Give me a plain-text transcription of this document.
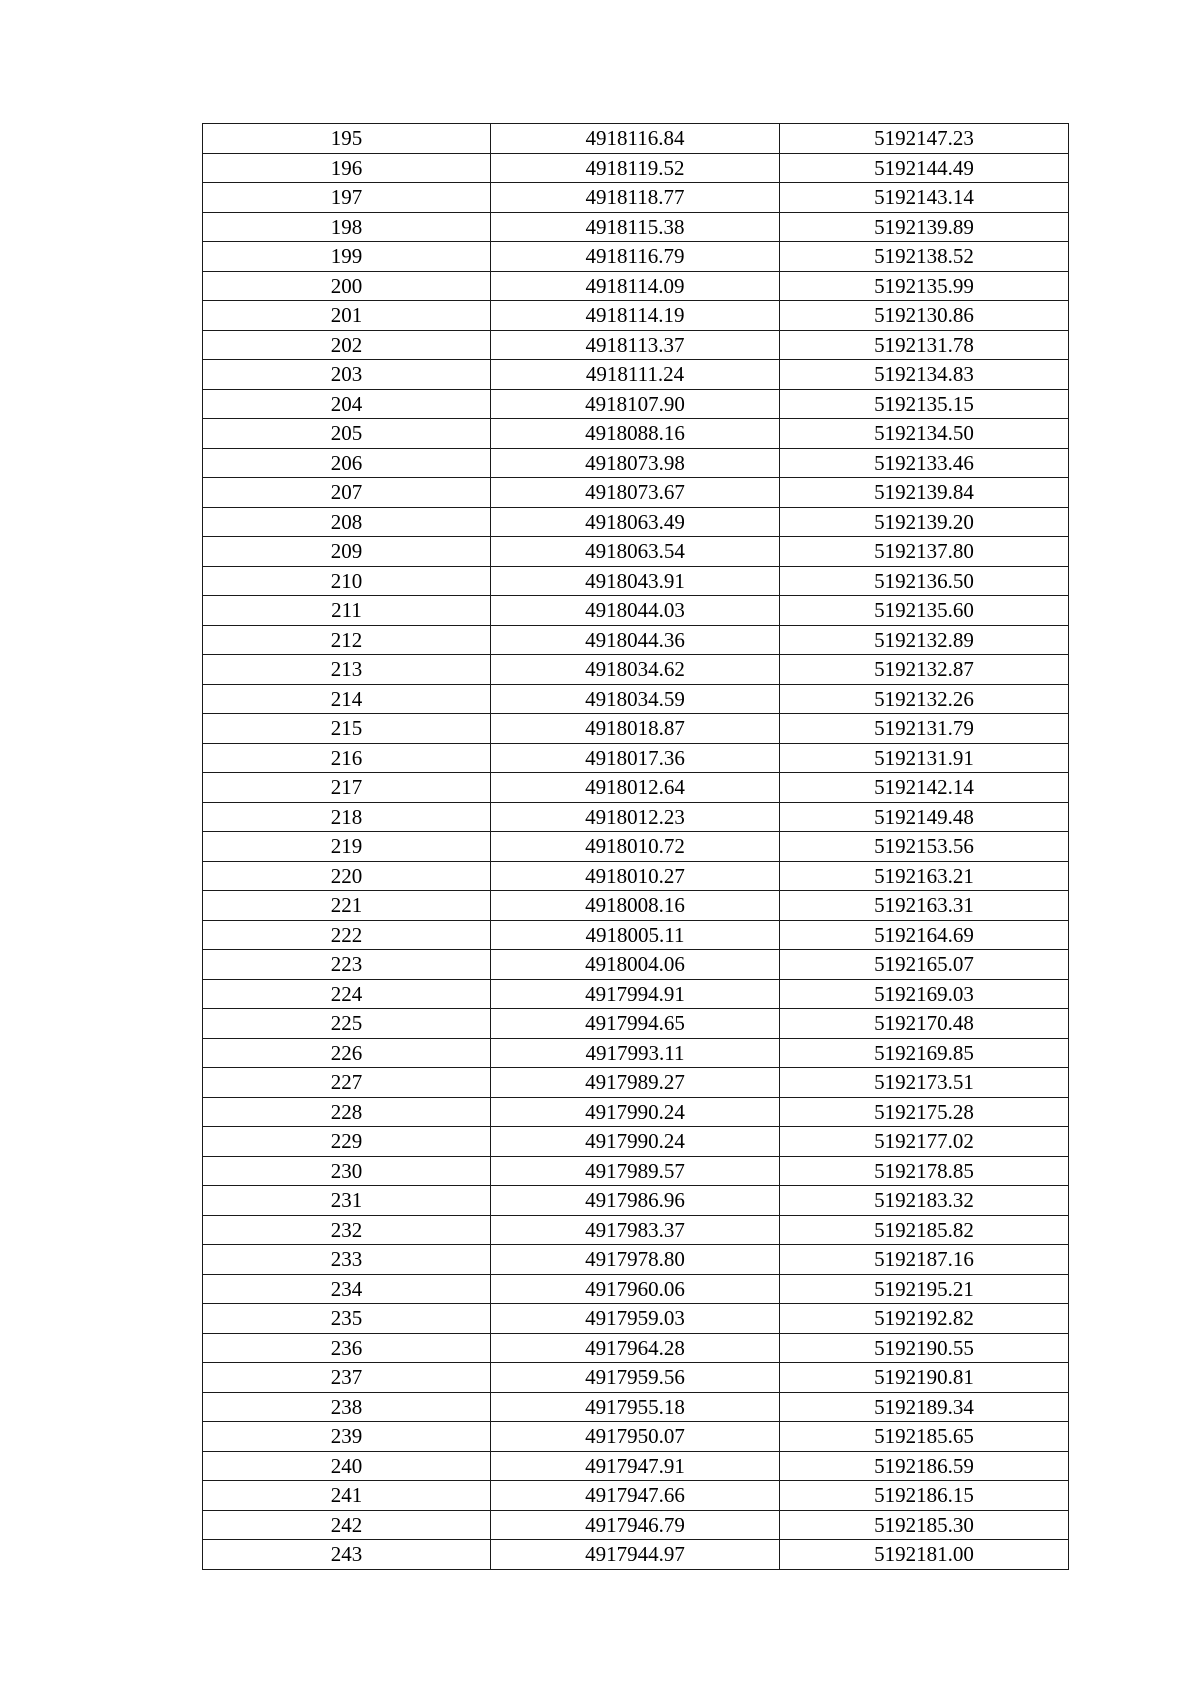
195	4918116.84	5192147.23
196	4918119.52	5192144.49
197	4918118.77	5192143.14
198	4918115.38	5192139.89
199	4918116.79	5192138.52
200	4918114.09	5192135.99
201	4918114.19	5192130.86
202	4918113.37	5192131.78
203	4918111.24	5192134.83
204	4918107.90	5192135.15
205	4918088.16	5192134.50
206	4918073.98	5192133.46
207	4918073.67	5192139.84
208	4918063.49	5192139.20
209	4918063.54	5192137.80
210	4918043.91	5192136.50
211	4918044.03	5192135.60
212	4918044.36	5192132.89
213	4918034.62	5192132.87
214	4918034.59	5192132.26
215	4918018.87	5192131.79
216	4918017.36	5192131.91
217	4918012.64	5192142.14
218	4918012.23	5192149.48
219	4918010.72	5192153.56
220	4918010.27	5192163.21
221	4918008.16	5192163.31
222	4918005.11	5192164.69
223	4918004.06	5192165.07
224	4917994.91	5192169.03
225	4917994.65	5192170.48
226	4917993.11	5192169.85
227	4917989.27	5192173.51
228	4917990.24	5192175.28
229	4917990.24	5192177.02
230	4917989.57	5192178.85
231	4917986.96	5192183.32
232	4917983.37	5192185.82
233	4917978.80	5192187.16
234	4917960.06	5192195.21
235	4917959.03	5192192.82
236	4917964.28	5192190.55
237	4917959.56	5192190.81
238	4917955.18	5192189.34
239	4917950.07	5192185.65
240	4917947.91	5192186.59
241	4917947.66	5192186.15
242	4917946.79	5192185.30
243	4917944.97	5192181.00
